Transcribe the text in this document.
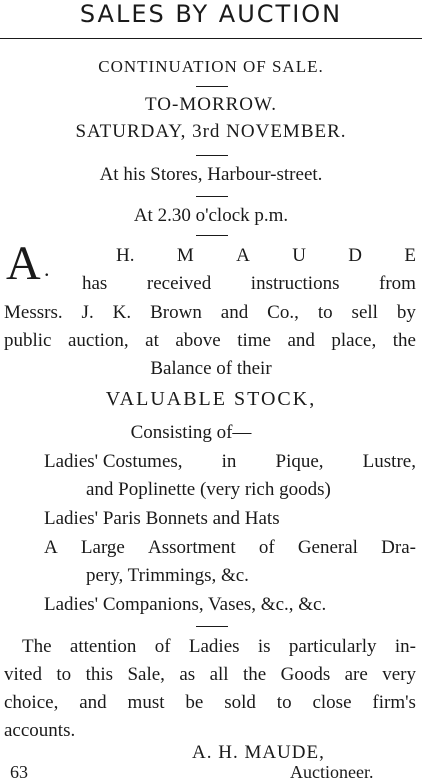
SALES BY AUCTION
CONTINUATION OF SALE.
TO-MORROW.
SATURDAY, 3rd NOVEMBER.
At his Stores, Harbour-street.
At 2.30 o'clock p.m.
A .
H. M A U D E
has received instructions from
Messrs. J. K. Brown and Co., to sell by
public auction, at above time and place, the
Balance of their
VALUABLE STOCK,
Consisting of—
Ladies' Costumes, in Pique, Lustre,
and Poplinette (very rich goods)
Ladies' Paris Bonnets and Hats
A Large Assortment of General Dra-
pery, Trimmings, &c.
Ladies' Companions, Vases, &c., &c.
The attention of Ladies is particularly in-
vited to this Sale, as all the Goods are very
choice, and must be sold to close firm's
accounts.
A. H. MAUDE,
63	Auctioneer.
